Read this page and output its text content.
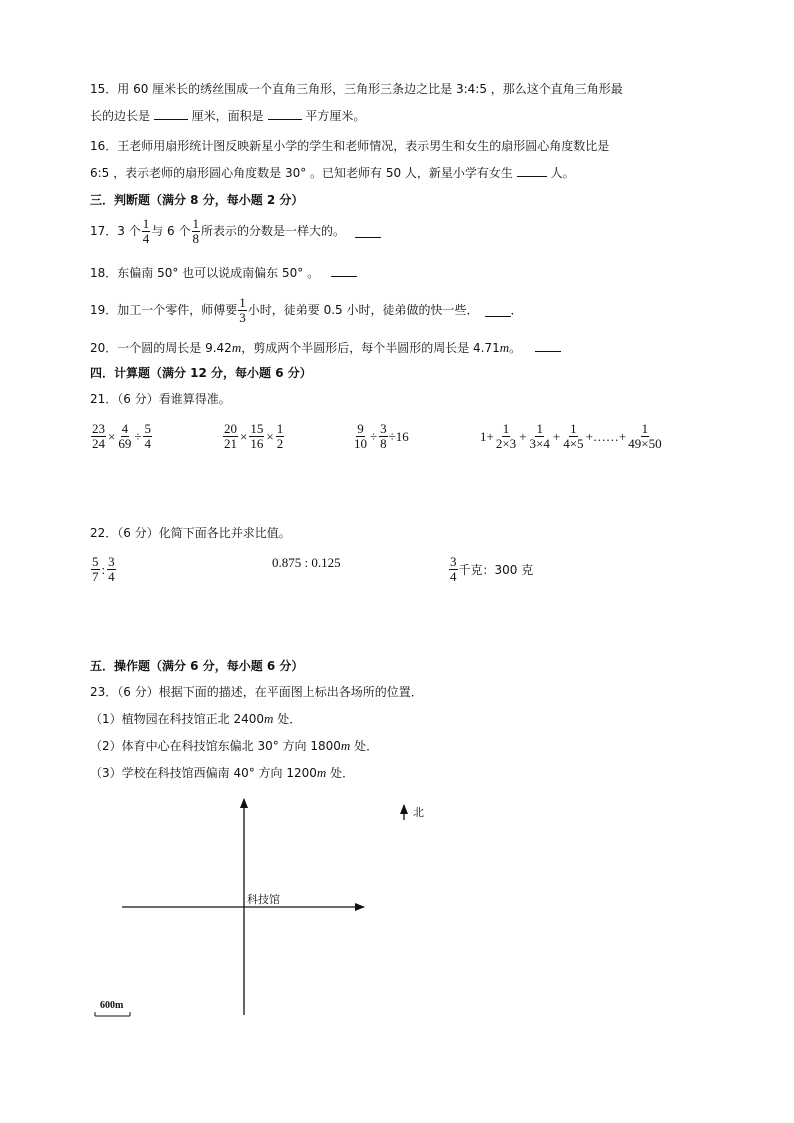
15．用 60 厘米长的绣丝围成一个直角三角形，三角形三条边之比是 3:4:5 ，那么这个直角三角形最
长的边长是	厘米，面积是	平方厘米。
16．王老师用扇形统计图反映新星小学的学生和老师情况，表示男生和女生的扇形圆心角度数比是
6:5 ，表示老师的扇形圆心角度数是 30° 。已知老师有 50 人，新星小学有女生	人。
三．判断题（满分 8 分，每小题 2 分）
17．3 个 $\frac{1}{4}$ 与 6 个 $\frac{1}{8}$ 所表示的分数是一样大的。
18．东偏南 50° 也可以说成南偏东 50° 。
19．加工一个零件，师傅要 $\frac{1}{3}$ 小时，徒弟要 0.5 小时，徒弟做的快一些．	．
20．一个圆的周长是 9.42m，剪成两个半圆形后，每个半圆形的周长是 4.71m。
四．计算题（满分 12 分，每小题 6 分）
21．（6 分）看谁算得准。
$\frac{23}{24} \times \frac{4}{69} \div \frac{5}{4}$	$\frac{20}{21} \times \frac{15}{16} \times \frac{1}{2}$	$\frac{9}{10} \div \frac{3}{8} \div 16$	$1+ \frac{1}{2\times 3} + \frac{1}{3\times 4} + \frac{1}{4\times 5}$ +……+ $\frac{1}{49\times 50}$
22．（6 分）化简下面各比并求比值。
$\frac{5}{7}$ : $\frac{3}{4}$	0.875 : 0.125	$\frac{3}{4}$ 千克：300 克
五．操作题（满分 6 分，每小题 6 分）
23．（6 分）根据下面的描述，在平面图上标出各场所的位置．
（1）植物园在科技馆正北 2400m 处．
（2）体育中心在科技馆东偏北 30° 方向 1800m 处．
（3）学校在科技馆西偏南 40° 方向 1200m 处．
科技馆
北
600m
